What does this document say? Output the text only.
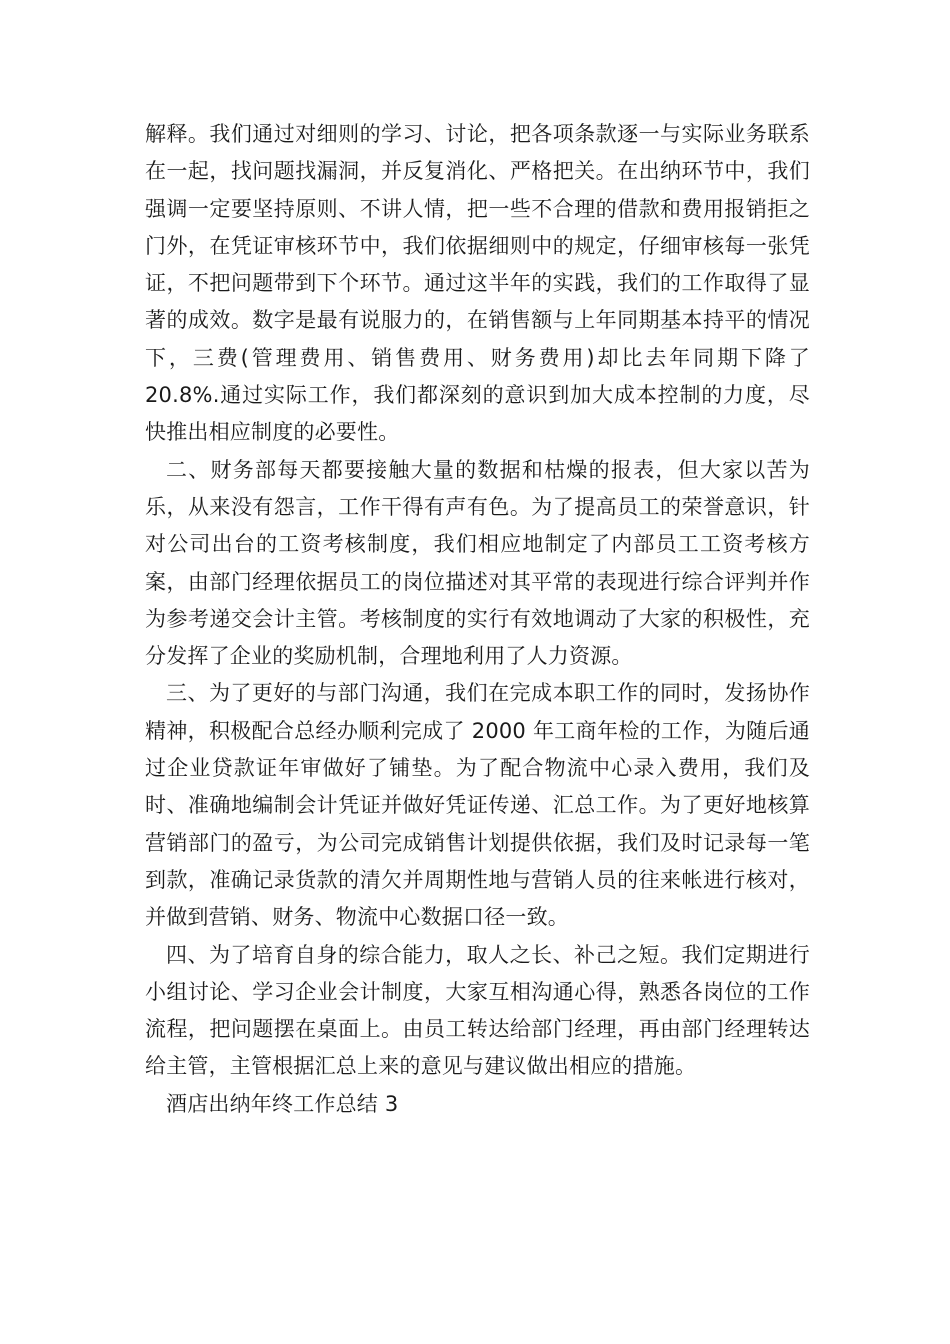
解释。我们通过对细则的学习、讨论，把各项条款逐一与实际业务联系在一起，找问题找漏洞，并反复消化、严格把关。在出纳环节中，我们强调一定要坚持原则、不讲人情，把一些不合理的借款和费用报销拒之门外，在凭证审核环节中，我们依据细则中的规定，仔细审核每一张凭证，不把问题带到下个环节。通过这半年的实践，我们的工作取得了显著的成效。数字是最有说服力的，在销售额与上年同期基本持平的情况下，三费(管理费用、销售费用、财务费用)却比去年同期下降了 20.8%.通过实际工作，我们都深刻的意识到加大成本控制的力度，尽快推出相应制度的必要性。

二、财务部每天都要接触大量的数据和枯燥的报表，但大家以苦为乐，从来没有怨言，工作干得有声有色。为了提高员工的荣誉意识，针对公司出台的工资考核制度，我们相应地制定了内部员工工资考核方案，由部门经理依据员工的岗位描述对其平常的表现进行综合评判并作为参考递交会计主管。考核制度的实行有效地调动了大家的积极性，充分发挥了企业的奖励机制，合理地利用了人力资源。

三、为了更好的与部门沟通，我们在完成本职工作的同时，发扬协作精神，积极配合总经办顺利完成了 2000 年工商年检的工作，为随后通过企业贷款证年审做好了铺垫。为了配合物流中心录入费用，我们及时、准确地编制会计凭证并做好凭证传递、汇总工作。为了更好地核算营销部门的盈亏，为公司完成销售计划提供依据，我们及时记录每一笔到款，准确记录货款的清欠并周期性地与营销人员的往来帐进行核对，并做到营销、财务、物流中心数据口径一致。

四、为了培育自身的综合能力，取人之长、补己之短。我们定期进行小组讨论、学习企业会计制度，大家互相沟通心得，熟悉各岗位的工作流程，把问题摆在桌面上。由员工转达给部门经理，再由部门经理转达给主管，主管根据汇总上来的意见与建议做出相应的措施。

酒店出纳年终工作总结 3
